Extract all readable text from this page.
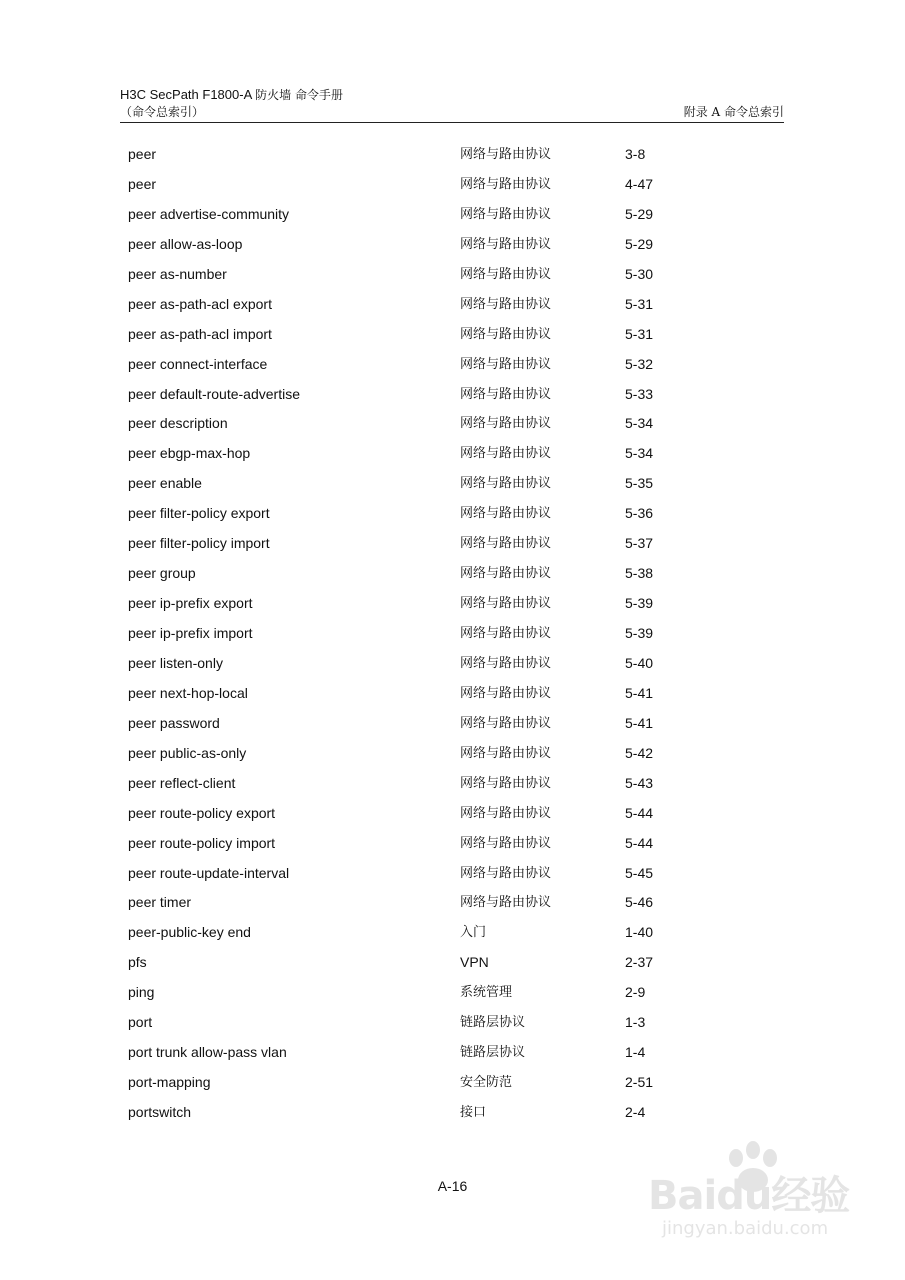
H3C SecPath F1800-A 防火墙 命令手册
（命令总索引）	附录 A 命令总索引
peer	网络与路由协议	3-8
peer	网络与路由协议	4-47
peer advertise-community	网络与路由协议	5-29
peer allow-as-loop	网络与路由协议	5-29
peer as-number	网络与路由协议	5-30
peer as-path-acl export	网络与路由协议	5-31
peer as-path-acl import	网络与路由协议	5-31
peer connect-interface	网络与路由协议	5-32
peer default-route-advertise	网络与路由协议	5-33
peer description	网络与路由协议	5-34
peer ebgp-max-hop	网络与路由协议	5-34
peer enable	网络与路由协议	5-35
peer filter-policy export	网络与路由协议	5-36
peer filter-policy import	网络与路由协议	5-37
peer group	网络与路由协议	5-38
peer ip-prefix export	网络与路由协议	5-39
peer ip-prefix import	网络与路由协议	5-39
peer listen-only	网络与路由协议	5-40
peer next-hop-local	网络与路由协议	5-41
peer password	网络与路由协议	5-41
peer public-as-only	网络与路由协议	5-42
peer reflect-client	网络与路由协议	5-43
peer route-policy export	网络与路由协议	5-44
peer route-policy import	网络与路由协议	5-44
peer route-update-interval	网络与路由协议	5-45
peer timer	网络与路由协议	5-46
peer-public-key end	入门	1-40
pfs	VPN	2-37
ping	系统管理	2-9
port	链路层协议	1-3
port trunk allow-pass vlan	链路层协议	1-4
port-mapping	安全防范	2-51
portswitch	接口	2-4
A-16	Baidu经验
jingyan.baidu.com
